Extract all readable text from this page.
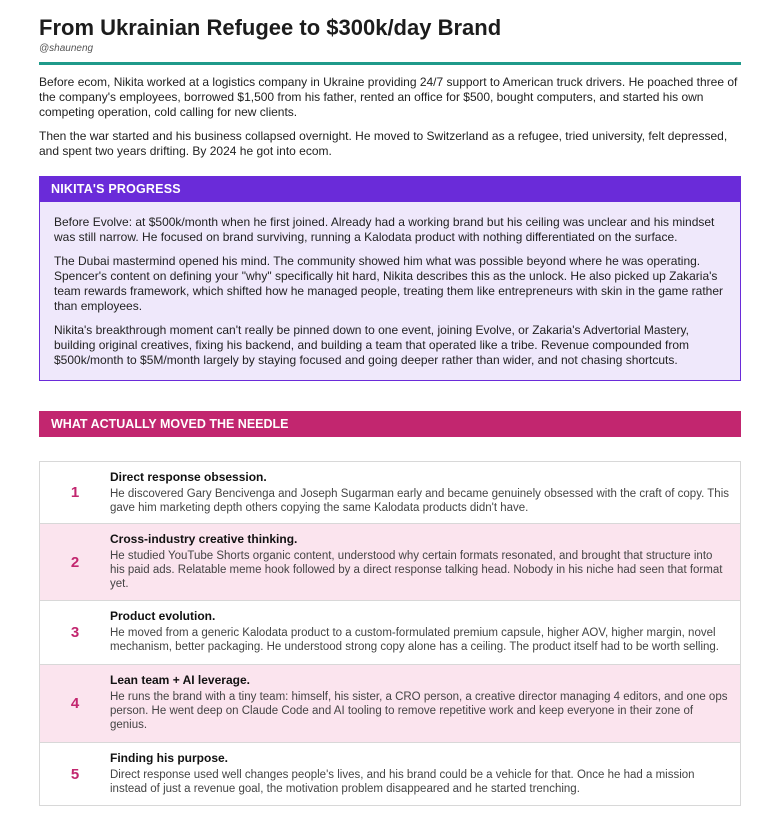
From Ukrainian Refugee to $300k/day Brand
@shauneng

Before ecom, Nikita worked at a logistics company in Ukraine providing 24/7 support to American truck drivers. He poached three of the company's employees, borrowed $1,500 from his father, rented an office for $500, bought computers, and started his own competing operation, cold calling for new clients.

Then the war started and his business collapsed overnight. He moved to Switzerland as a refugee, tried university, felt depressed, and spent two years drifting. By 2024 he got into ecom.

NIKITA'S PROGRESS

Before Evolve: at $500k/month when he first joined. Already had a working brand but his ceiling was unclear and his mindset was still narrow. He focused on brand surviving, running a Kalodata product with nothing differentiated on the surface.

The Dubai mastermind opened his mind. The community showed him what was possible beyond where he was operating. Spencer's content on defining your "why" specifically hit hard, Nikita describes this as the unlock. He also picked up Zakaria's team rewards framework, which shifted how he managed people, treating them like entrepreneurs with skin in the game rather than employees.

Nikita's breakthrough moment can't really be pinned down to one event, joining Evolve, or Zakaria's Advertorial Mastery, building original creatives, fixing his backend, and building a team that operated like a tribe. Revenue compounded from $500k/month to $5M/month largely by staying focused and going deeper rather than wider, and not chasing shortcuts.

WHAT ACTUALLY MOVED THE NEEDLE
1
Direct response obsession.
He discovered Gary Bencivenga and Joseph Sugarman early and became genuinely obsessed with the craft of copy. This gave him marketing depth others copying the same Kalodata products didn't have.
2
Cross-industry creative thinking.
He studied YouTube Shorts organic content, understood why certain formats resonated, and brought that structure into his paid ads. Relatable meme hook followed by a direct response talking head. Nobody in his niche had seen that format yet.
3
Product evolution.
He moved from a generic Kalodata product to a custom-formulated premium capsule, higher AOV, higher margin, novel mechanism, better packaging. He understood strong copy alone has a ceiling. The product itself had to be worth selling.
4
Lean team + AI leverage.
He runs the brand with a tiny team: himself, his sister, a CRO person, a creative director managing 4 editors, and one ops person. He went deep on Claude Code and AI tooling to remove repetitive work and keep everyone in their zone of genius.
5
Finding his purpose.
Direct response used well changes people's lives, and his brand could be a vehicle for that. Once he had a mission instead of just a revenue goal, the motivation problem disappeared and he started trenching.
